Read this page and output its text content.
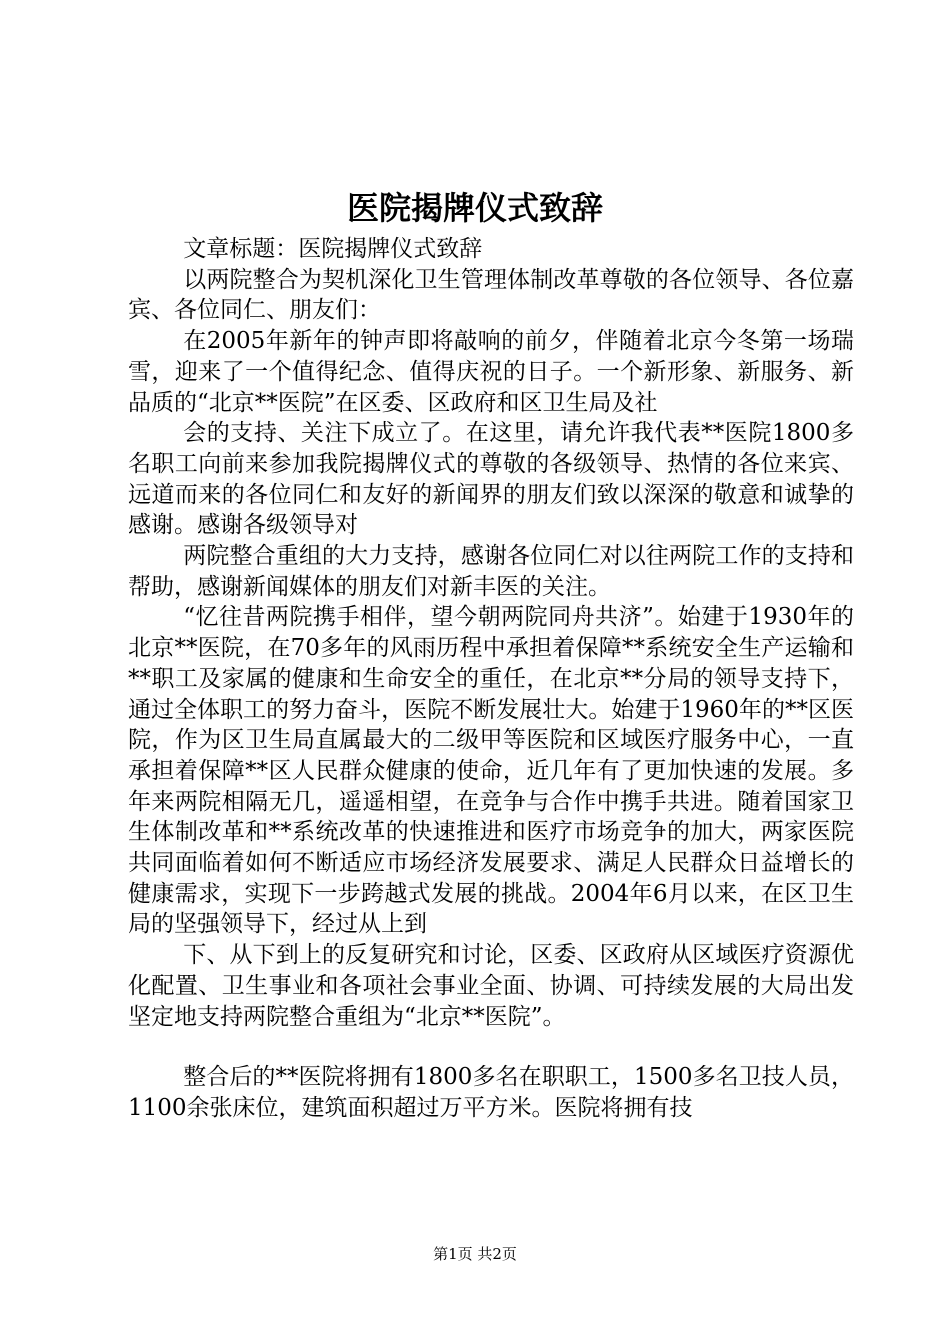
医院揭牌仪式致辞

文章标题：医院揭牌仪式致辞

以两院整合为契机深化卫生管理体制改革尊敬的各位领导、各位嘉宾、各位同仁、朋友们：

在2005年新年的钟声即将敲响的前夕，伴随着北京今冬第一场瑞雪，迎来了一个值得纪念、值得庆祝的日子。一个新形象、新服务、新品质的“北京**医院”在区委、区政府和区卫生局及社

会的支持、关注下成立了。在这里，请允许我代表**医院1800多名职工向前来参加我院揭牌仪式的尊敬的各级领导、热情的各位来宾、远道而来的各位同仁和友好的新闻界的朋友们致以深深的敬意和诚挚的感谢。感谢各级领导对

两院整合重组的大力支持，感谢各位同仁对以往两院工作的支持和帮助，感谢新闻媒体的朋友们对新丰医的关注。

“忆往昔两院携手相伴，望今朝两院同舟共济”。始建于1930年的北京**医院，在70多年的风雨历程中承担着保障**系统安全生产运输和**职工及家属的健康和生命安全的重任，在北京**分局的领导支持下，通过全体职工的努力奋斗，医院不断发展壮大。始建于1960年的**区医院，作为区卫生局直属最大的二级甲等医院和区域医疗服务中心，一直承担着保障**区人民群众健康的使命，近几年有了更加快速的发展。多年来两院相隔无几，遥遥相望，在竞争与合作中携手共进。随着国家卫生体制改革和**系统改革的快速推进和医疗市场竞争的加大，两家医院共同面临着如何不断适应市场经济发展要求、满足人民群众日益增长的健康需求，实现下一步跨越式发展的挑战。2004年6月以来，在区卫生局的坚强领导下，经过从上到

下、从下到上的反复研究和讨论，区委、区政府从区域医疗资源优化配置、卫生事业和各项社会事业全面、协调、可持续发展的大局出发坚定地支持两院整合重组为“北京**医院”。

整合后的**医院将拥有1800多名在职职工，1500多名卫技人员，1100余张床位，建筑面积超过万平方米。医院将拥有技

第1页 共2页
